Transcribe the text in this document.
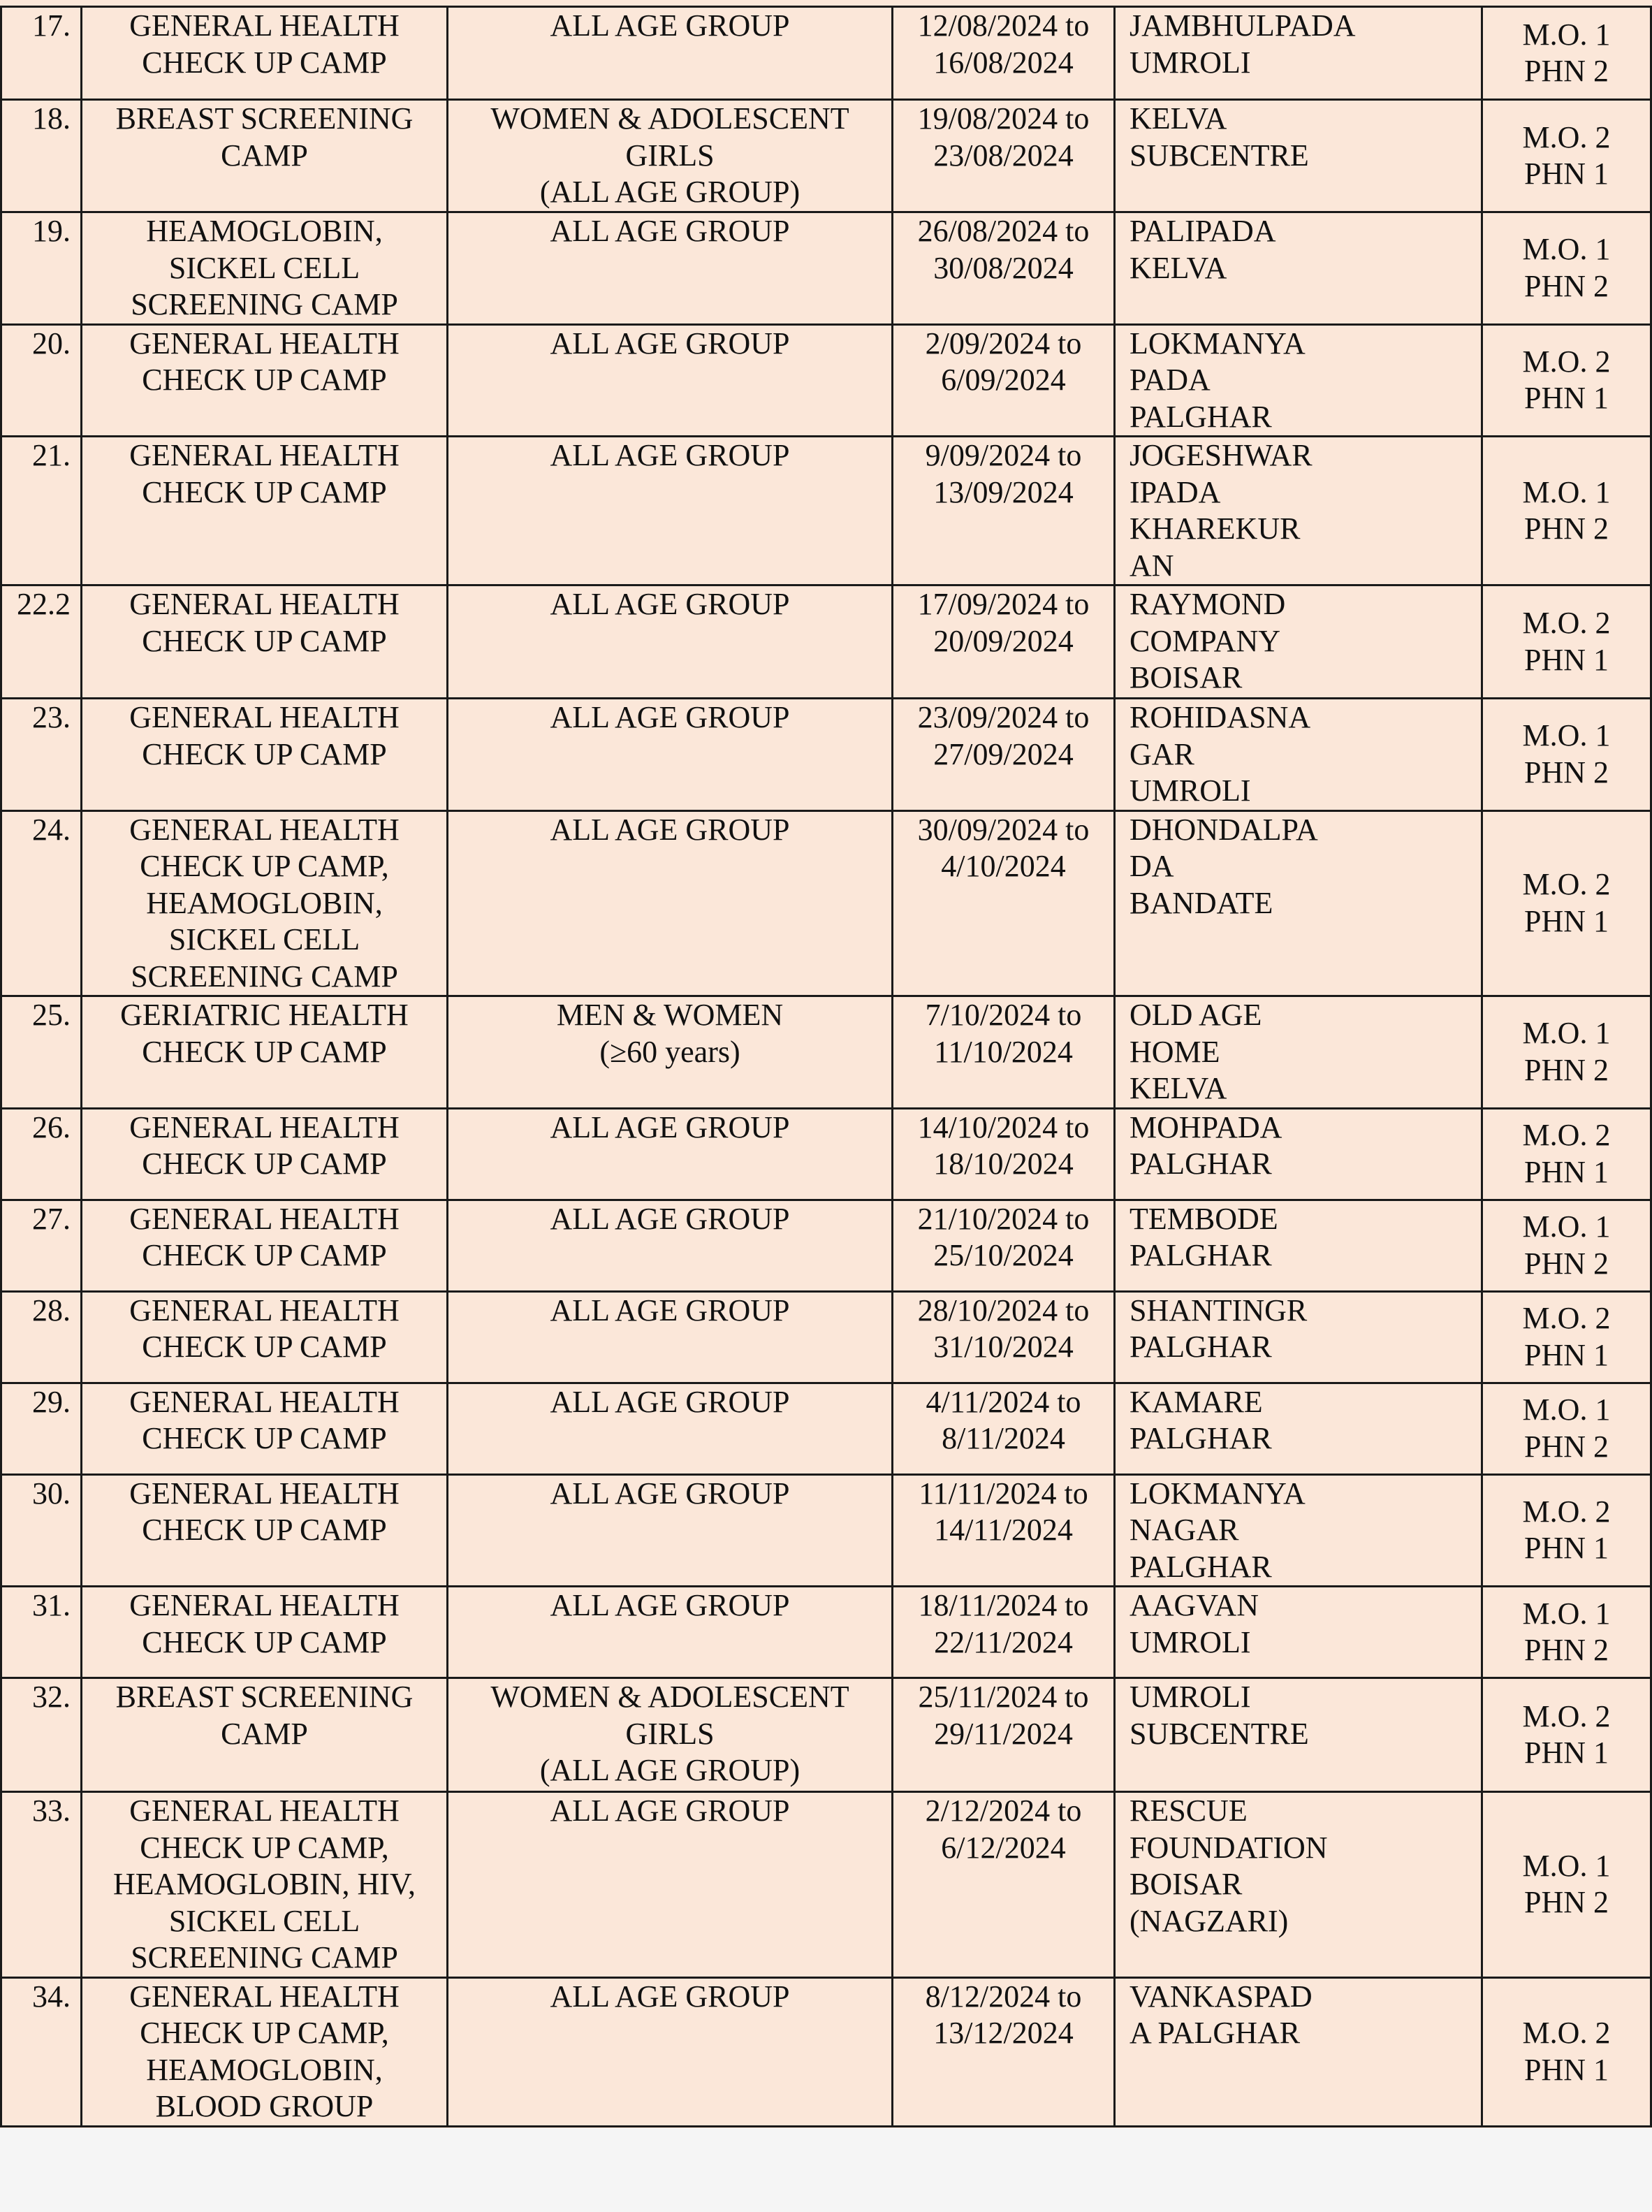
17.	GENERAL HEALTH
CHECK UP CAMP	ALL AGE GROUP	12/08/2024 to
16/08/2024	JAMBHULPADA
UMROLI	M.O. 1
PHN 2

18.	BREAST SCREENING
CAMP	WOMEN & ADOLESCENT
GIRLS
(ALL AGE GROUP)	19/08/2024 to
23/08/2024	KELVA
SUBCENTRE	M.O. 2
PHN 1

19.	HEAMOGLOBIN,
SICKEL CELL
SCREENING CAMP	ALL AGE GROUP	26/08/2024 to
30/08/2024	PALIPADA
KELVA	M.O. 1
PHN 2

20.	GENERAL HEALTH
CHECK UP CAMP	ALL AGE GROUP	2/09/2024 to
6/09/2024	LOKMANYA
PADA
PALGHAR	M.O. 2
PHN 1

21.	GENERAL HEALTH
CHECK UP CAMP	ALL AGE GROUP	9/09/2024 to
13/09/2024	JOGESHWAR
IPADA
KHAREKUR
AN	M.O. 1
PHN 2

22.2	GENERAL HEALTH
CHECK UP CAMP	ALL AGE GROUP	17/09/2024 to
20/09/2024	RAYMOND
COMPANY
BOISAR	M.O. 2
PHN 1

23.	GENERAL HEALTH
CHECK UP CAMP	ALL AGE GROUP	23/09/2024 to
27/09/2024	ROHIDASNA
GAR
UMROLI	M.O. 1
PHN 2

24.	GENERAL HEALTH
CHECK UP CAMP,
HEAMOGLOBIN,
SICKEL CELL
SCREENING CAMP	ALL AGE GROUP	30/09/2024 to
4/10/2024	DHONDALPA
DA
BANDATE	M.O. 2
PHN 1

25.	GERIATRIC HEALTH
CHECK UP CAMP	MEN & WOMEN
(≥60 years)	7/10/2024 to
11/10/2024	OLD AGE
HOME
KELVA	M.O. 1
PHN 2

26.	GENERAL HEALTH
CHECK UP CAMP	ALL AGE GROUP	14/10/2024 to
18/10/2024	MOHPADA
PALGHAR	M.O. 2
PHN 1

27.	GENERAL HEALTH
CHECK UP CAMP	ALL AGE GROUP	21/10/2024 to
25/10/2024	TEMBODE
PALGHAR	M.O. 1
PHN 2

28.	GENERAL HEALTH
CHECK UP CAMP	ALL AGE GROUP	28/10/2024 to
31/10/2024	SHANTINGR
PALGHAR	M.O. 2
PHN 1

29.	GENERAL HEALTH
CHECK UP CAMP	ALL AGE GROUP	4/11/2024 to
8/11/2024	KAMARE
PALGHAR	M.O. 1
PHN 2

30.	GENERAL HEALTH
CHECK UP CAMP	ALL AGE GROUP	11/11/2024 to
14/11/2024	LOKMANYA
NAGAR
PALGHAR	M.O. 2
PHN 1

31.	GENERAL HEALTH
CHECK UP CAMP	ALL AGE GROUP	18/11/2024 to
22/11/2024	AAGVAN
UMROLI	M.O. 1
PHN 2

32.	BREAST SCREENING
CAMP	WOMEN & ADOLESCENT
GIRLS
(ALL AGE GROUP)	25/11/2024 to
29/11/2024	UMROLI
SUBCENTRE	M.O. 2
PHN 1

33.	GENERAL HEALTH
CHECK UP CAMP,
HEAMOGLOBIN, HIV,
SICKEL CELL
SCREENING CAMP	ALL AGE GROUP	2/12/2024 to
6/12/2024	RESCUE
FOUNDATION
BOISAR
(NAGZARI)	M.O. 1
PHN 2

34.	GENERAL HEALTH
CHECK UP CAMP,
HEAMOGLOBIN,
BLOOD GROUP	ALL AGE GROUP	8/12/2024 to
13/12/2024	VANKASPAD
A PALGHAR	M.O. 2
PHN 1
